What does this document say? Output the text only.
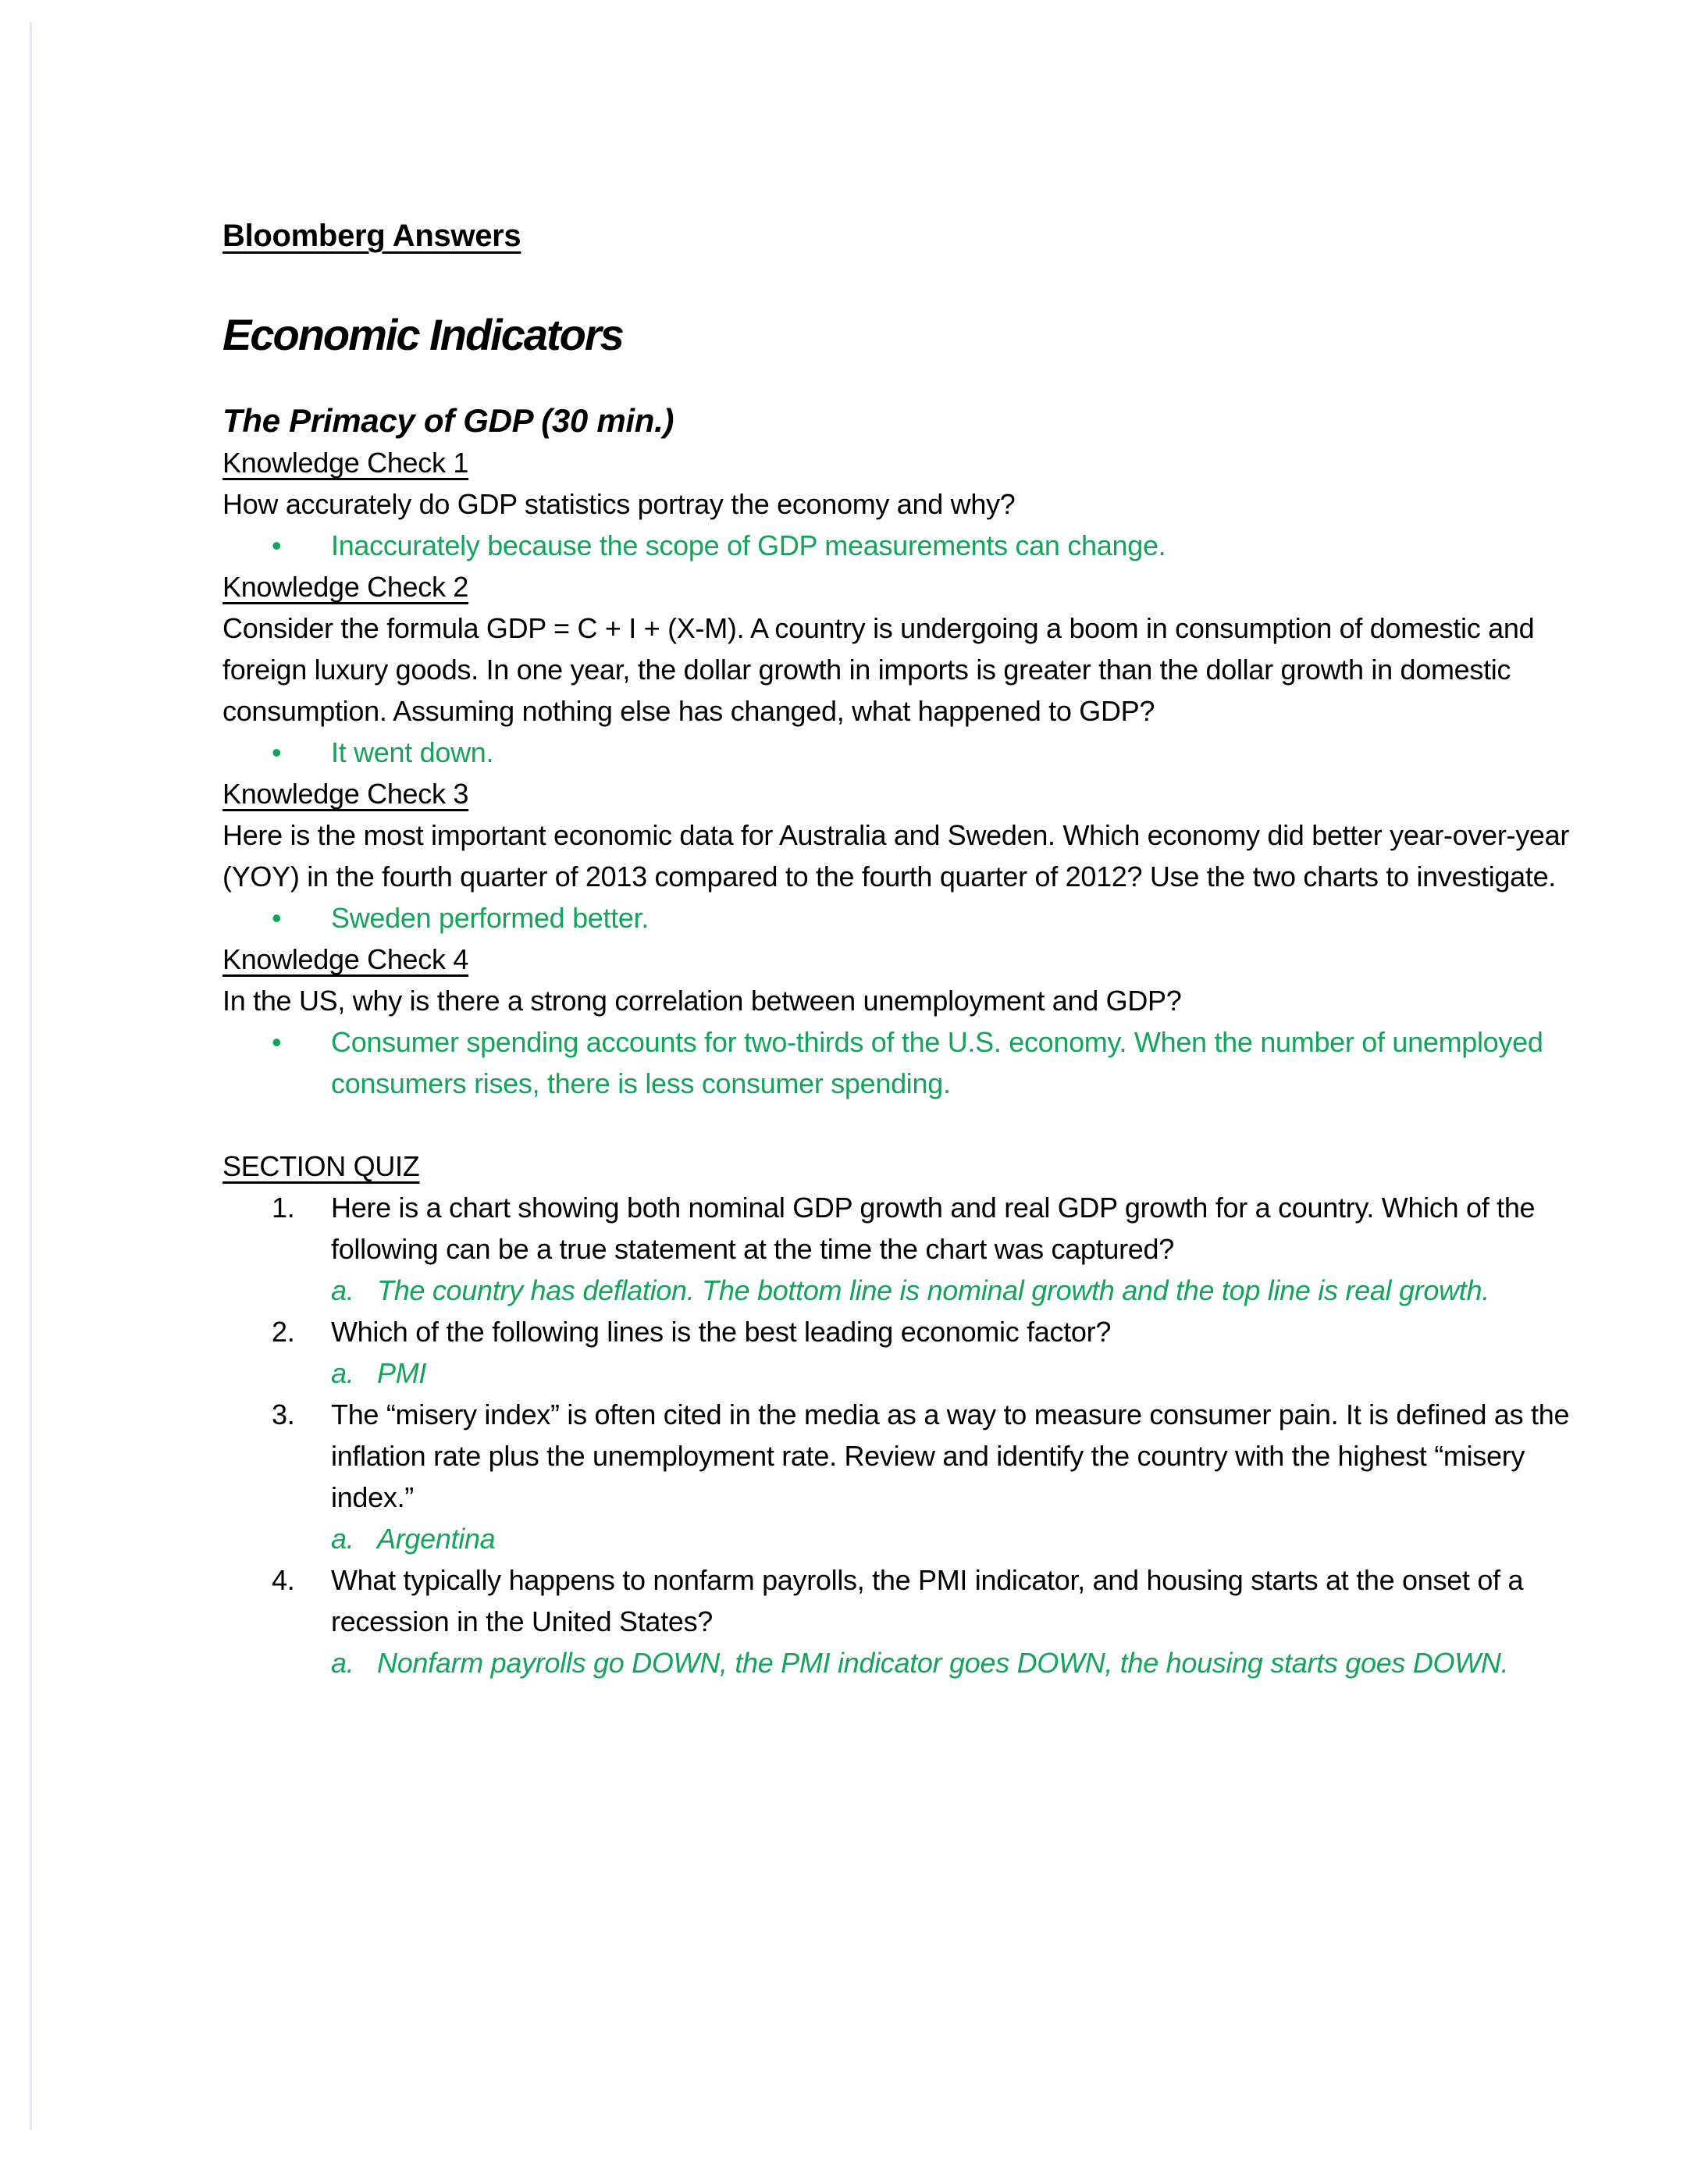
Bloomberg Answers

Economic Indicators

The Primacy of GDP (30 min.)

Knowledge Check 1

How accurately do GDP statistics portray the economy and why?

•	Inaccurately because the scope of GDP measurements can change.

Knowledge Check 2

Consider the formula GDP = C + I + (X-M). A country is undergoing a boom in consumption of domestic and foreign luxury goods. In one year, the dollar growth in imports is greater than the dollar growth in domestic consumption. Assuming nothing else has changed, what happened to GDP?

•	It went down.

Knowledge Check 3

Here is the most important economic data for Australia and Sweden. Which economy did better year-over-year (YOY) in the fourth quarter of 2013 compared to the fourth quarter of 2012? Use the two charts to investigate.

•	Sweden performed better.

Knowledge Check 4

In the US, why is there a strong correlation between unemployment and GDP?

•	Consumer spending accounts for two-thirds of the U.S. economy. When the number of unemployed consumers rises, there is less consumer spending.

SECTION QUIZ

1.	Here is a chart showing both nominal GDP growth and real GDP growth for a country. Which of the following can be a true statement at the time the chart was captured?
a. The country has deflation. The bottom line is nominal growth and the top line is real growth.
2.	Which of the following lines is the best leading economic factor?
a. PMI
3.	The “misery index” is often cited in the media as a way to measure consumer pain. It is defined as the inflation rate plus the unemployment rate. Review and identify the country with the highest “misery index.”
a. Argentina
4.	What typically happens to nonfarm payrolls, the PMI indicator, and housing starts at the onset of a recession in the United States?
a. Nonfarm payrolls go DOWN, the PMI indicator goes DOWN, the housing starts goes DOWN.
